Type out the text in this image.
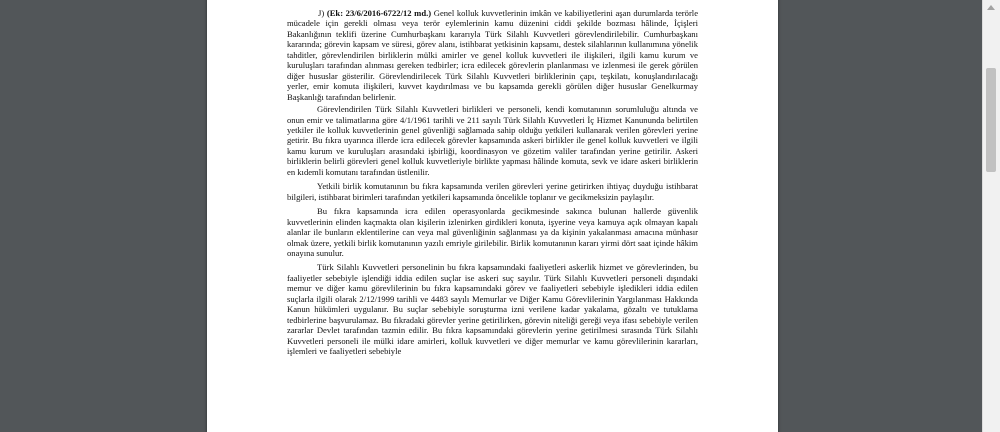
J) (Ek: 23/6/2016-6722/12 md.) Genel kolluk kuvvetlerinin imkân ve kabiliyetlerini aşan durumlarda terörle mücadele için gerekli olması veya terör eylemlerinin kamu düzenini ciddi şekilde bozması hâlinde, İçişleri Bakanlığının teklifi üzerine Cumhurbaşkanı kararıyla Türk Silahlı Kuvvetleri görevlendirilebilir. Cumhurbaşkanı kararında; görevin kapsam ve süresi, görev alanı, istihbarat yetkisinin kapsamı, destek silahlarının kullanımına yönelik tahditler, görevlendirilen birliklerin mülki amirler ve genel kolluk kuvvetleri ile ilişkileri, ilgili kamu kurum ve kuruluşları tarafından alınması gereken tedbirler; icra edilecek görevlerin planlanması ve izlenmesi ile gerek görülen diğer hususlar gösterilir. Görevlendirilecek Türk Silahlı Kuvvetleri birliklerinin çapı, teşkilatı, konuşlandırılacağı yerler, emir komuta ilişkileri, kuvvet kaydırılması ve bu kapsamda gerekli görülen diğer hususlar Genelkurmay Başkanlığı tarafından belirlenir.

Görevlendirilen Türk Silahlı Kuvvetleri birlikleri ve personeli, kendi komutanının sorumluluğu altında ve onun emir ve talimatlarına göre 4/1/1961 tarihli ve 211 sayılı Türk Silahlı Kuvvetleri İç Hizmet Kanununda belirtilen yetkiler ile kolluk kuvvetlerinin genel güvenliği sağlamada sahip olduğu yetkileri kullanarak verilen görevleri yerine getirir. Bu fıkra uyarınca illerde icra edilecek görevler kapsamında askeri birlikler ile genel kolluk kuvvetleri ve ilgili kamu kurum ve kuruluşları arasındaki işbirliği, koordinasyon ve gözetim valiler tarafından yerine getirilir. Askeri birliklerin belirli görevleri genel kolluk kuvvetleriyle birlikte yapması hâlinde komuta, sevk ve idare askeri birliklerin en kıdemli komutanı tarafından üstlenilir.

Yetkili birlik komutanının bu fıkra kapsamında verilen görevleri yerine getirirken ihtiyaç duyduğu istihbarat bilgileri, istihbarat birimleri tarafından yetkileri kapsamında öncelikle toplanır ve gecikmeksizin paylaşılır.

Bu fıkra kapsamında icra edilen operasyonlarda gecikmesinde sakınca bulunan hallerde güvenlik kuvvetlerinin elinden kaçmakta olan kişilerin izlenirken girdikleri konuta, işyerine veya kamuya açık olmayan kapalı alanlar ile bunların eklentilerine can veya mal güvenliğinin sağlanması ya da kişinin yakalanması amacına münhasır olmak üzere, yetkili birlik komutanının yazılı emriyle girilebilir. Birlik komutanının kararı yirmi dört saat içinde hâkim onayına sunulur.

Türk Silahlı Kuvvetleri personelinin bu fıkra kapsamındaki faaliyetleri askerlik hizmet ve görevlerinden, bu faaliyetler sebebiyle işlendiği iddia edilen suçlar ise askeri suç sayılır. Türk Silahlı Kuvvetleri personeli dışındaki memur ve diğer kamu görevlilerinin bu fıkra kapsamındaki görev ve faaliyetleri sebebiyle işledikleri iddia edilen suçlarla ilgili olarak 2/12/1999 tarihli ve 4483 sayılı Memurlar ve Diğer Kamu Görevlilerinin Yargılanması Hakkında Kanun hükümleri uygulanır. Bu suçlar sebebiyle soruşturma izni verilene kadar yakalama, gözaltı ve tutuklama tedbirlerine başvurulamaz. Bu fıkradaki görevler yerine getirilirken, görevin niteliği gereği veya ifası sebebiyle verilen zararlar Devlet tarafından tazmin edilir. Bu fıkra kapsamındaki görevlerin yerine getirilmesi sırasında Türk Silahlı Kuvvetleri personeli ile mülki idare amirleri, kolluk kuvvetleri ve diğer memurlar ve kamu görevlilerinin kararları, işlemleri ve faaliyetleri sebebiyle
